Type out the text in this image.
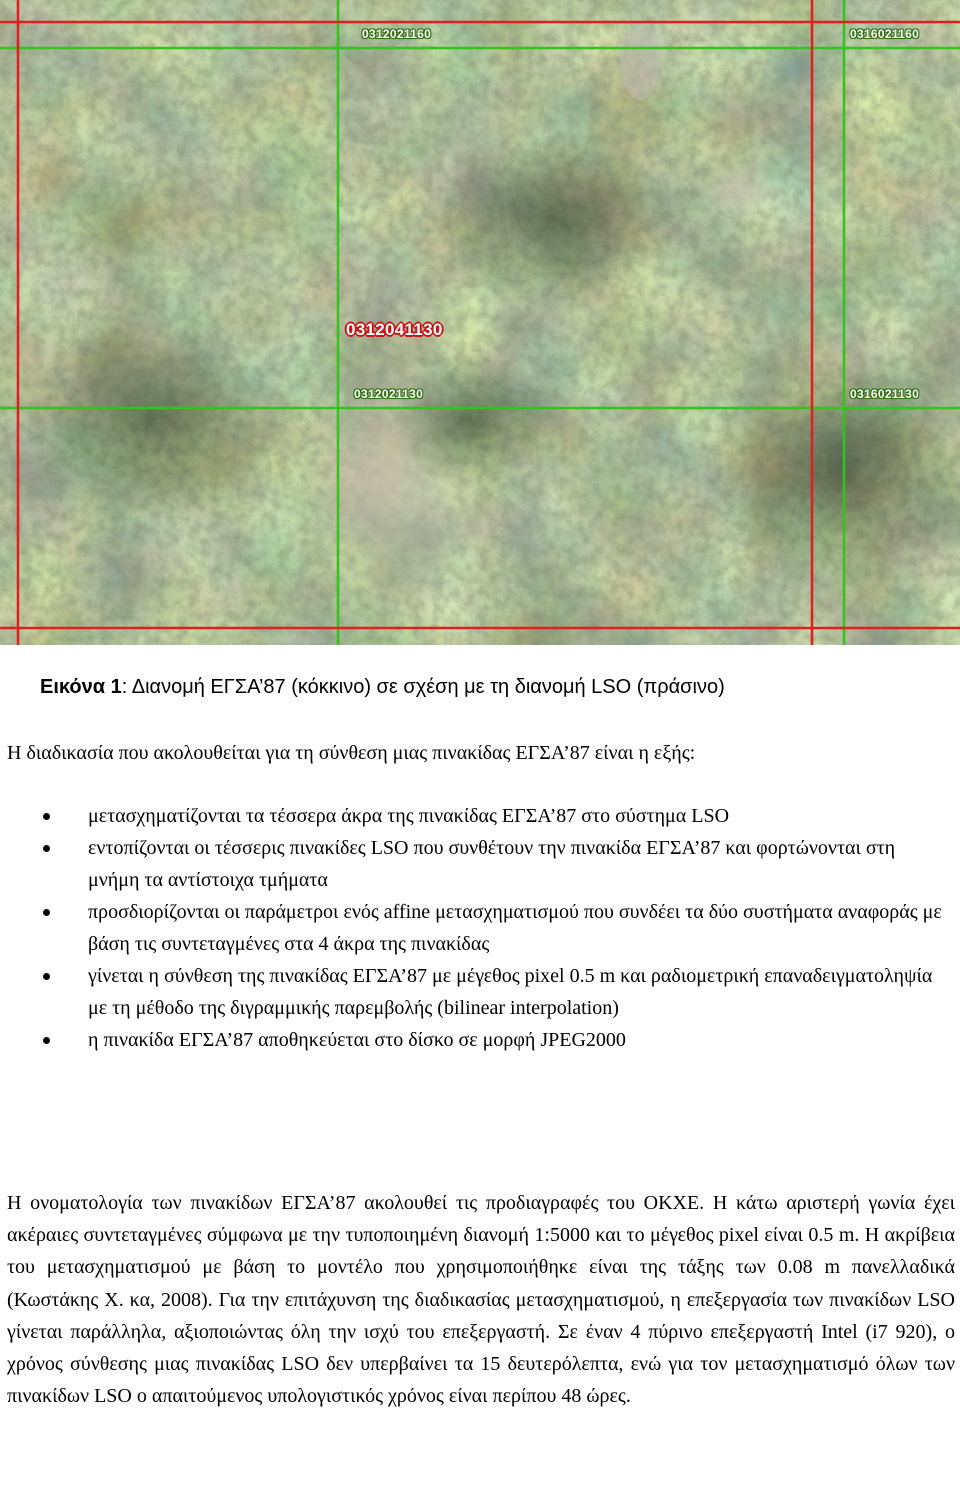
0312021160	0316021160
0312041130
0312021130	0316021130
Εικόνα 1: Διανομή ΕΓΣΑ’87 (κόκκινο) σε σχέση με τη διανομή LSO (πράσινο)
Η διαδικασία που ακολουθείται για τη σύνθεση μιας πινακίδας ΕΓΣΑ’87 είναι η εξής:
μετασχηματίζονται τα τέσσερα άκρα της πινακίδας ΕΓΣΑ’87 στο σύστημα LSO
εντοπίζονται οι τέσσερις πινακίδες LSO που συνθέτουν την πινακίδα ΕΓΣΑ’87 και φορτώνονται στη μνήμη τα αντίστοιχα τμήματα
προσδιορίζονται οι παράμετροι ενός affine μετασχηματισμού που συνδέει τα δύο συστήματα αναφοράς με βάση τις συντεταγμένες στα 4 άκρα της πινακίδας
γίνεται η σύνθεση της πινακίδας ΕΓΣΑ’87 με μέγεθος pixel 0.5 m και ραδιομετρική επαναδειγματοληψία με τη μέθοδο της διγραμμικής παρεμβολής (bilinear interpolation)
η πινακίδα ΕΓΣΑ’87 αποθηκεύεται στο δίσκο σε μορφή JPEG2000
Η ονοματολογία των πινακίδων ΕΓΣΑ’87 ακολουθεί τις προδιαγραφές του ΟΚΧΕ. Η κάτω αριστερή γωνία έχει ακέραιες συντεταγμένες σύμφωνα με την τυποποιημένη διανομή 1:5000 και το μέγεθος pixel είναι 0.5 m. Η ακρίβεια του μετασχηματισμού με βάση το μοντέλο που χρησιμοποιήθηκε είναι της τάξης των 0.08 m πανελλαδικά (Κωστάκης Χ. κα, 2008). Για την επιτάχυνση της διαδικασίας μετασχηματισμού, η επεξεργασία των πινακίδων LSO γίνεται παράλληλα, αξιοποιώντας όλη την ισχύ του επεξεργαστή. Σε έναν 4 πύρινο επεξεργαστή Intel (i7 920), ο χρόνος σύνθεσης μιας πινακίδας LSO δεν υπερβαίνει τα 15 δευτερόλεπτα, ενώ για τον μετασχηματισμό όλων των πινακίδων LSO ο απαιτούμενος υπολογιστικός χρόνος είναι περίπου 48 ώρες.
